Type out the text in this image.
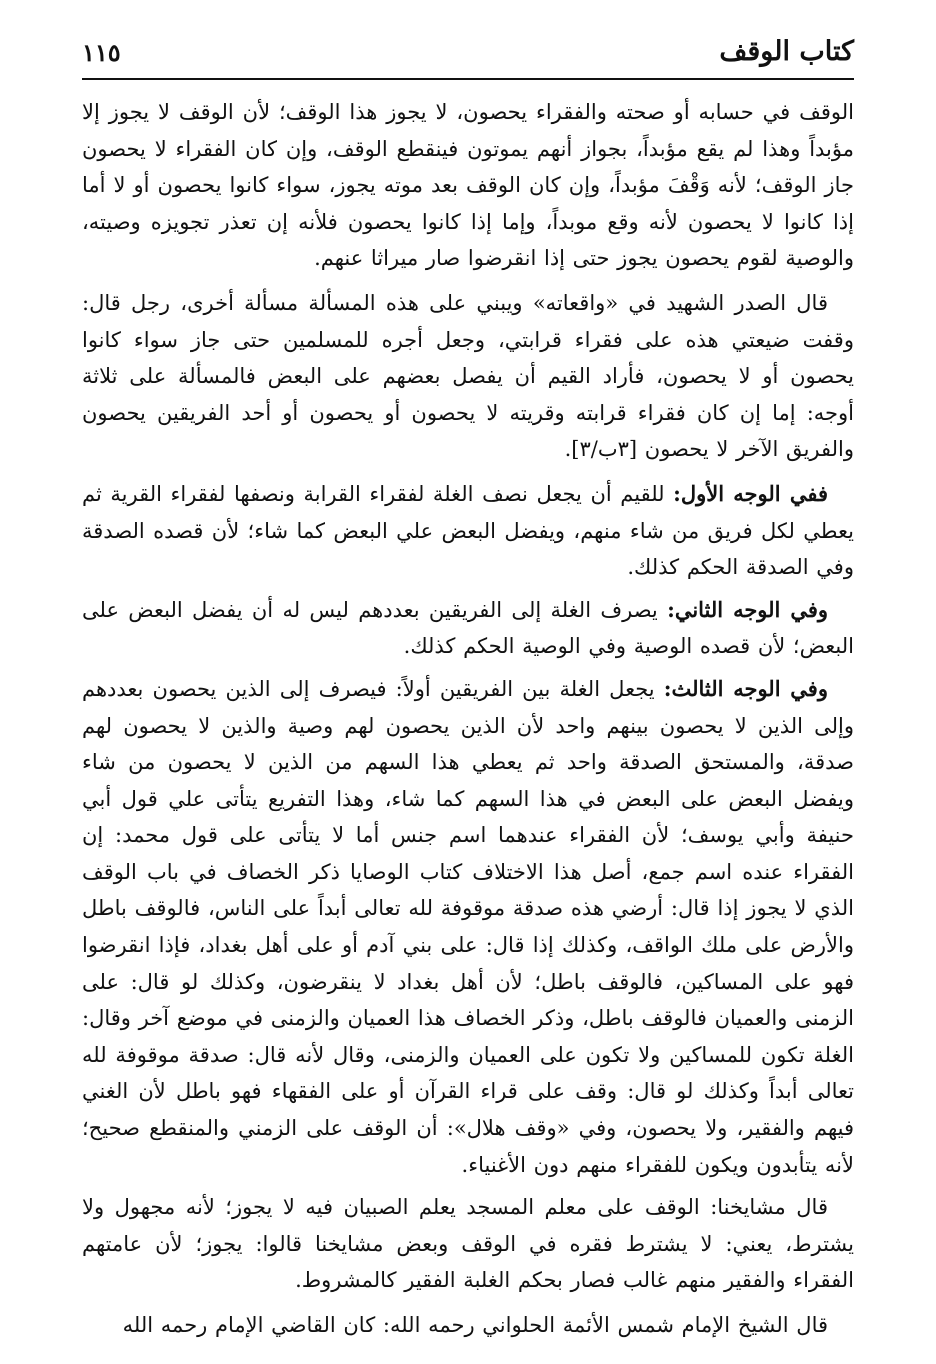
كتاب الوقف
١١٥

الوقف في حسابه أو صحته والفقراء يحصون، لا يجوز هذا الوقف؛ لأن الوقف لا يجوز إلا مؤبداً وهذا لم يقع مؤبداً، بجواز أنهم يموتون فينقطع الوقف، وإن كان الفقراء لا يحصون جاز الوقف؛ لأنه وَقْفَ مؤبداً، وإن كان الوقف بعد موته يجوز، سواء كانوا يحصون أو لا أما إذا كانوا لا يحصون لأنه وقع موبداً، وإما إذا كانوا يحصون فلأنه إن تعذر تجويزه وصيته، والوصية لقوم يحصون يجوز حتى إذا انقرضوا صار ميراثا عنهم.

قال الصدر الشهيد في «واقعاته» ويبني على هذه المسألة مسألة أخرى، رجل قال: وقفت ضيعتي هذه على فقراء قرابتي، وجعل أجره للمسلمين حتى جاز سواء كانوا يحصون أو لا يحصون، فأراد القيم أن يفصل بعضهم على البعض فالمسألة على ثلاثة أوجه: إما إن كان فقراء قرابته وقريته لا يحصون أو يحصون أو أحد الفريقين يحصون والفريق الآخر لا يحصون [٣ب/٣].

ففي الوجه الأول: للقيم أن يجعل نصف الغلة لفقراء القرابة ونصفها لفقراء القرية ثم يعطي لكل فريق من شاء منهم، ويفضل البعض علي البعض كما شاء؛ لأن قصده الصدقة وفي الصدقة الحكم كذلك.

وفي الوجه الثاني: يصرف الغلة إلى الفريقين بعددهم ليس له أن يفضل البعض على البعض؛ لأن قصده الوصية وفي الوصية الحكم كذلك.

وفي الوجه الثالث: يجعل الغلة بين الفريقين أولاً: فيصرف إلى الذين يحصون بعددهم وإلى الذين لا يحصون بينهم واحد لأن الذين يحصون لهم وصية والذين لا يحصون لهم صدقة، والمستحق الصدقة واحد ثم يعطي هذا السهم من الذين لا يحصون من شاء ويفضل البعض على البعض في هذا السهم كما شاء، وهذا التفريع يتأتى علي قول أبي حنيفة وأبي يوسف؛ لأن الفقراء عندهما اسم جنس أما لا يتأتى على قول محمد: إن الفقراء عنده اسم جمع، أصل هذا الاختلاف كتاب الوصايا ذكر الخصاف في باب الوقف الذي لا يجوز إذا قال: أرضي هذه صدقة موقوفة لله تعالى أبداً على الناس، فالوقف باطل والأرض على ملك الواقف، وكذلك إذا قال: على بني آدم أو على أهل بغداد، فإذا انقرضوا فهو على المساكين، فالوقف باطل؛ لأن أهل بغداد لا ينقرضون، وكذلك لو قال: على الزمنى والعميان فالوقف باطل، وذكر الخصاف هذا العميان والزمنى في موضع آخر وقال: الغلة تكون للمساكين ولا تكون على العميان والزمنى، وقال لأنه قال: صدقة موقوفة لله تعالى أبداً وكذلك لو قال: وقف على قراء القرآن أو على الفقهاء فهو باطل لأن الغني فيهم والفقير، ولا يحصون، وفي «وقف هلال»: أن الوقف على الزمني والمنقطع صحيح؛ لأنه يتأبدون ويكون للفقراء منهم دون الأغنياء.

قال مشايخنا: الوقف على معلم المسجد يعلم الصبيان فيه لا يجوز؛ لأنه مجهول ولا يشترط، يعني: لا يشترط فقره في الوقف وبعض مشايخنا قالوا: يجوز؛ لأن عامتهم الفقراء والفقير منهم غالب فصار بحكم الغلبة الفقير كالمشروط.

قال الشيخ الإمام شمس الأئمة الحلواني رحمه الله: كان القاضي الإمام رحمه الله
